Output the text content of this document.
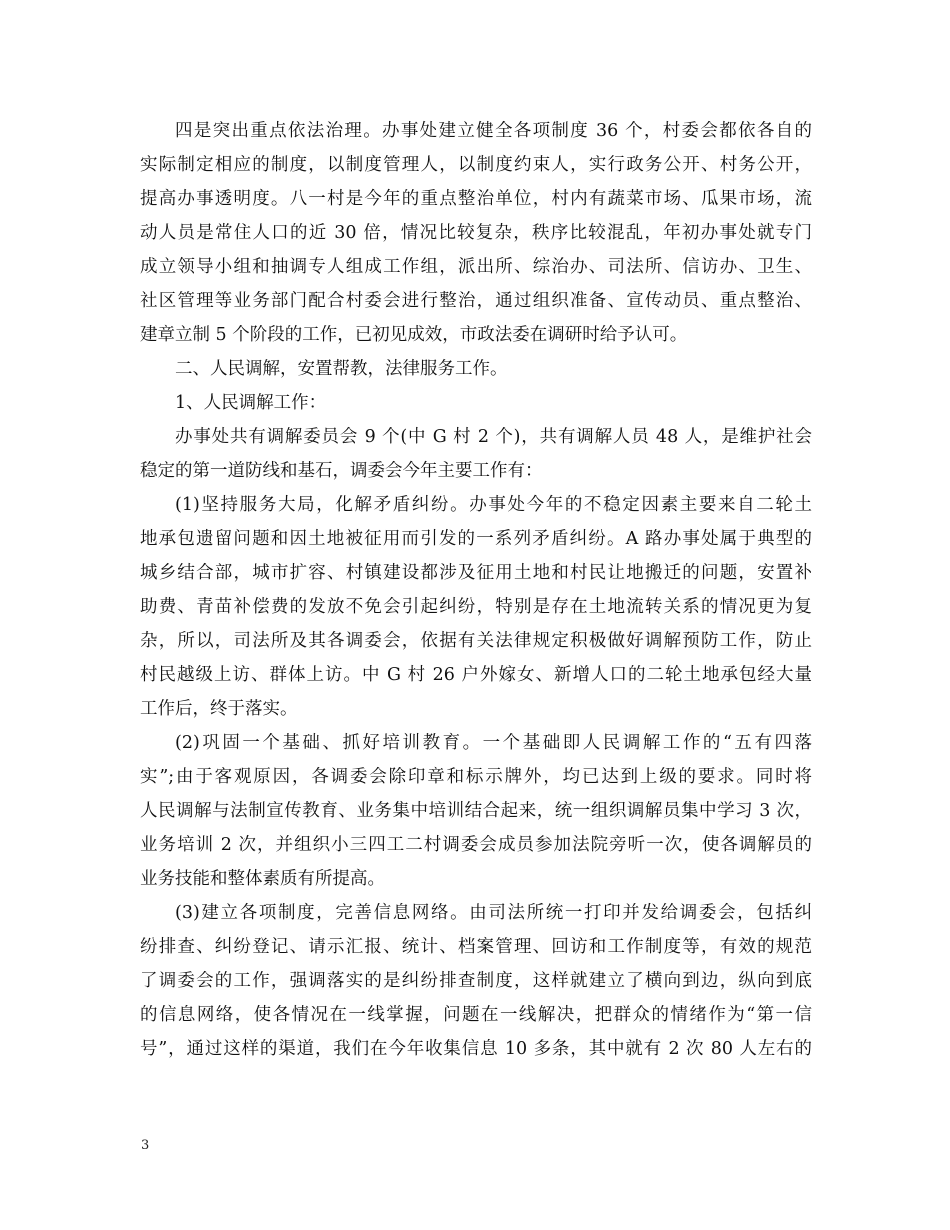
四是突出重点依法治理。办事处建立健全各项制度 36 个，村委会都依各自的
实际制定相应的制度，以制度管理人，以制度约束人，实行政务公开、村务公开，
提高办事透明度。八一村是今年的重点整治单位，村内有蔬菜市场、瓜果市场，流
动人员是常住人口的近 30 倍，情况比较复杂，秩序比较混乱，年初办事处就专门
成立领导小组和抽调专人组成工作组，派出所、综治办、司法所、信访办、卫生、
社区管理等业务部门配合村委会进行整治，通过组织准备、宣传动员、重点整治、
建章立制 5 个阶段的工作，已初见成效，市政法委在调研时给予认可。
二、人民调解，安置帮教，法律服务工作。
1、人民调解工作：
办事处共有调解委员会 9 个(中 G 村 2 个)，共有调解人员 48 人，是维护社会
稳定的第一道防线和基石，调委会今年主要工作有：
(1)坚持服务大局，化解矛盾纠纷。办事处今年的不稳定因素主要来自二轮土
地承包遗留问题和因土地被征用而引发的一系列矛盾纠纷。A 路办事处属于典型的
城乡结合部，城市扩容、村镇建设都涉及征用土地和村民让地搬迁的问题，安置补
助费、青苗补偿费的发放不免会引起纠纷，特别是存在土地流转关系的情况更为复
杂，所以，司法所及其各调委会，依据有关法律规定积极做好调解预防工作，防止
村民越级上访、群体上访。中 G 村 26 户外嫁女、新增人口的二轮土地承包经大量
工作后，终于落实。
(2)巩固一个基础、抓好培训教育。一个基础即人民调解工作的“五有四落
实”;由于客观原因，各调委会除印章和标示牌外，均已达到上级的要求。同时将
人民调解与法制宣传教育、业务集中培训结合起来，统一组织调解员集中学习 3 次，
业务培训 2 次，并组织小三四工二村调委会成员参加法院旁听一次，使各调解员的
业务技能和整体素质有所提高。
(3)建立各项制度，完善信息网络。由司法所统一打印并发给调委会，包括纠
纷排查、纠纷登记、请示汇报、统计、档案管理、回访和工作制度等，有效的规范
了调委会的工作，强调落实的是纠纷排查制度，这样就建立了横向到边，纵向到底
的信息网络，使各情况在一线掌握，问题在一线解决，把群众的情绪作为“第一信
号”，通过这样的渠道，我们在今年收集信息 10 多条，其中就有 2 次 80 人左右的
3
